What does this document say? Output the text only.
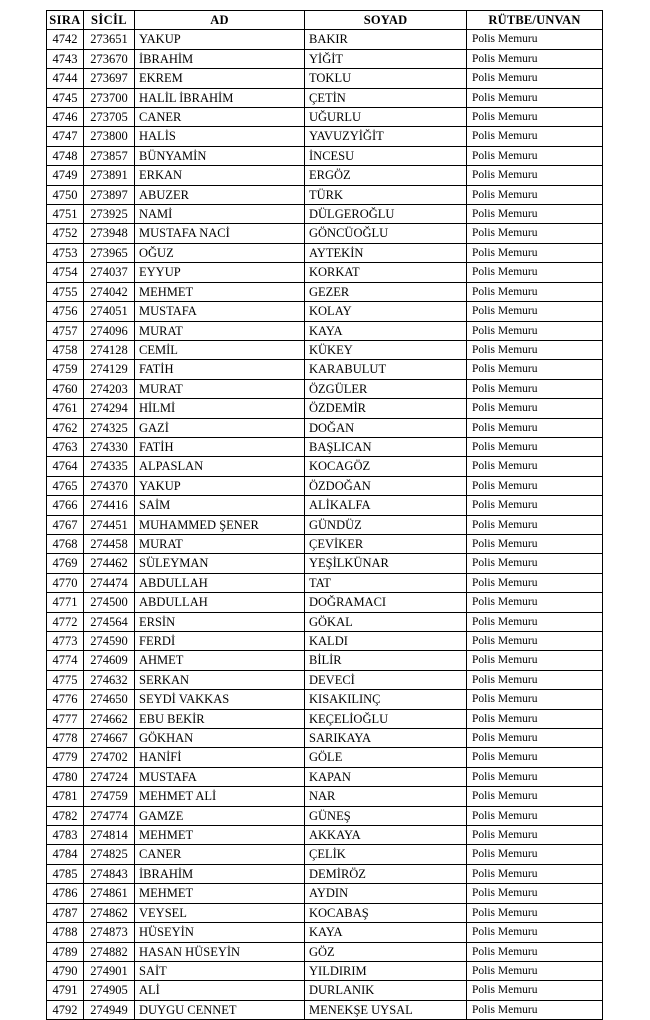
SIRA	SİCİL	AD	SOYAD	RÜTBE/UNVAN
4742	273651	YAKUP	BAKIR	Polis Memuru
4743	273670	İBRAHİM	YİĞİT	Polis Memuru
4744	273697	EKREM	TOKLU	Polis Memuru
4745	273700	HALİL İBRAHİM	ÇETİN	Polis Memuru
4746	273705	CANER	UĞURLU	Polis Memuru
4747	273800	HALİS	YAVUZYİĞİT	Polis Memuru
4748	273857	BÜNYAMİN	İNCESU	Polis Memuru
4749	273891	ERKAN	ERGÖZ	Polis Memuru
4750	273897	ABUZER	TÜRK	Polis Memuru
4751	273925	NAMİ	DÜLGEROĞLU	Polis Memuru
4752	273948	MUSTAFA NACİ	GÖNCÜOĞLU	Polis Memuru
4753	273965	OĞUZ	AYTEKİN	Polis Memuru
4754	274037	EYYUP	KORKAT	Polis Memuru
4755	274042	MEHMET	GEZER	Polis Memuru
4756	274051	MUSTAFA	KOLAY	Polis Memuru
4757	274096	MURAT	KAYA	Polis Memuru
4758	274128	CEMİL	KÜKEY	Polis Memuru
4759	274129	FATİH	KARABULUT	Polis Memuru
4760	274203	MURAT	ÖZGÜLER	Polis Memuru
4761	274294	HİLMİ	ÖZDEMİR	Polis Memuru
4762	274325	GAZİ	DOĞAN	Polis Memuru
4763	274330	FATİH	BAŞLICAN	Polis Memuru
4764	274335	ALPASLAN	KOCAGÖZ	Polis Memuru
4765	274370	YAKUP	ÖZDOĞAN	Polis Memuru
4766	274416	SAİM	ALİKALFA	Polis Memuru
4767	274451	MUHAMMED ŞENER	GÜNDÜZ	Polis Memuru
4768	274458	MURAT	ÇEVİKER	Polis Memuru
4769	274462	SÜLEYMAN	YEŞİLKÜNAR	Polis Memuru
4770	274474	ABDULLAH	TAT	Polis Memuru
4771	274500	ABDULLAH	DOĞRAMACI	Polis Memuru
4772	274564	ERSİN	GÖKAL	Polis Memuru
4773	274590	FERDİ	KALDI	Polis Memuru
4774	274609	AHMET	BİLİR	Polis Memuru
4775	274632	SERKAN	DEVECİ	Polis Memuru
4776	274650	SEYDİ VAKKAS	KISAKILINÇ	Polis Memuru
4777	274662	EBU BEKİR	KEÇELİOĞLU	Polis Memuru
4778	274667	GÖKHAN	SARIKAYA	Polis Memuru
4779	274702	HANİFİ	GÖLE	Polis Memuru
4780	274724	MUSTAFA	KAPAN	Polis Memuru
4781	274759	MEHMET ALİ	NAR	Polis Memuru
4782	274774	GAMZE	GÜNEŞ	Polis Memuru
4783	274814	MEHMET	AKKAYA	Polis Memuru
4784	274825	CANER	ÇELİK	Polis Memuru
4785	274843	İBRAHİM	DEMİRÖZ	Polis Memuru
4786	274861	MEHMET	AYDIN	Polis Memuru
4787	274862	VEYSEL	KOCABAŞ	Polis Memuru
4788	274873	HÜSEYİN	KAYA	Polis Memuru
4789	274882	HASAN HÜSEYİN	GÖZ	Polis Memuru
4790	274901	SAİT	YILDIRIM	Polis Memuru
4791	274905	ALİ	DURLANIK	Polis Memuru
4792	274949	DUYGU CENNET	MENEKŞE UYSAL	Polis Memuru
